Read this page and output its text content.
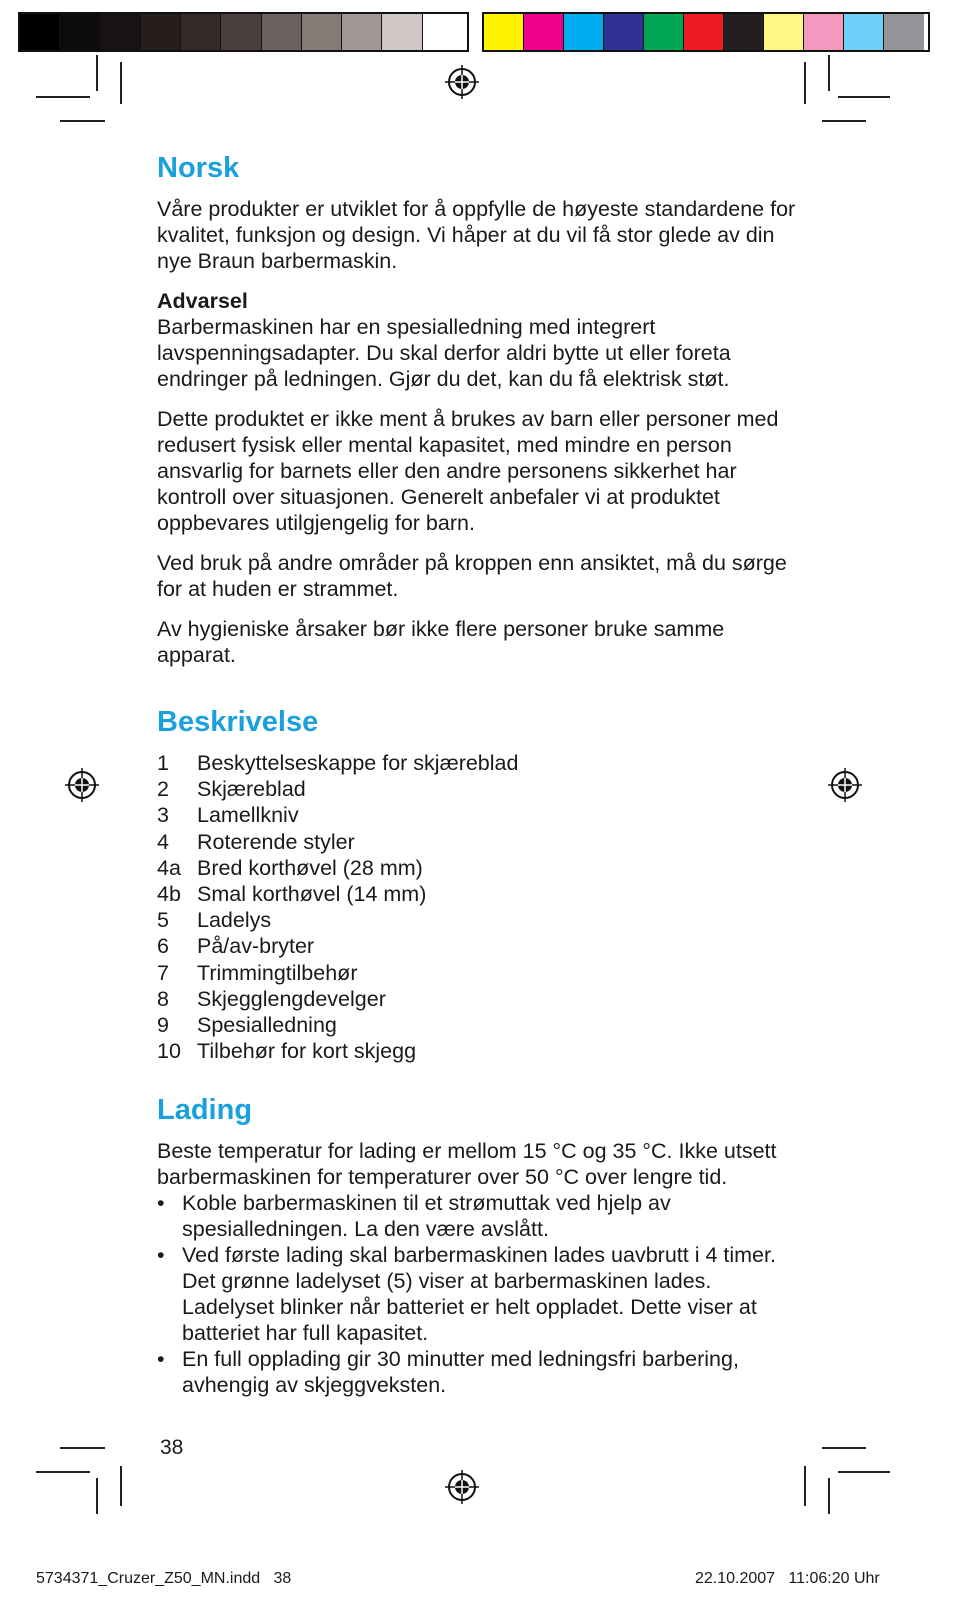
Norsk

Våre produkter er utviklet for å oppfylle de høyeste standardene for kvalitet, funksjon og design. Vi håper at du vil få stor glede av din nye Braun barbermaskin.

Advarsel
Barbermaskinen har en spesialledning med integrert lavspenningsadapter. Du skal derfor aldri bytte ut eller foreta endringer på ledningen. Gjør du det, kan du få elektrisk støt.

Dette produktet er ikke ment å brukes av barn eller personer med redusert fysisk eller mental kapasitet, med mindre en person ansvarlig for barnets eller den andre personens sikkerhet har kontroll over situasjonen. Generelt anbefaler vi at produktet oppbevares utilgjengelig for barn.

Ved bruk på andre områder på kroppen enn ansiktet, må du sørge for at huden er strammet.

Av hygieniske årsaker bør ikke flere personer bruke samme apparat.

Beskrivelse
1	Beskyttelseskappe for skjæreblad
2	Skjæreblad
3	Lamellkniv
4	Roterende styler
4a Bred korthøvel (28 mm)
4b Smal korthøvel (14 mm)
5	Ladelys
6	På/av-bryter
7	Trimmingtilbehør
8	Skjegglengdevelger
9	Spesialledning
10 Tilbehør for kort skjegg
Lading

Beste temperatur for lading er mellom 15 °C og 35 °C. Ikke utsett barbermaskinen for temperaturer over 50 °C over lengre tid.

• Koble barbermaskinen til et strømuttak ved hjelp av spesialledningen. La den være avslått.
• Ved første lading skal barbermaskinen lades uavbrutt i 4 timer. Det grønne ladelyset (5) viser at barbermaskinen lades. Ladelyset blinker når batteriet er helt oppladet. Dette viser at batteriet har full kapasitet.
• En full opplading gir 30 minutter med ledningsfri barbering, avhengig av skjeggveksten.
38
5734371_Cruzer_Z50_MN.indd   38	22.10.2007   11:06:20 Uhr
